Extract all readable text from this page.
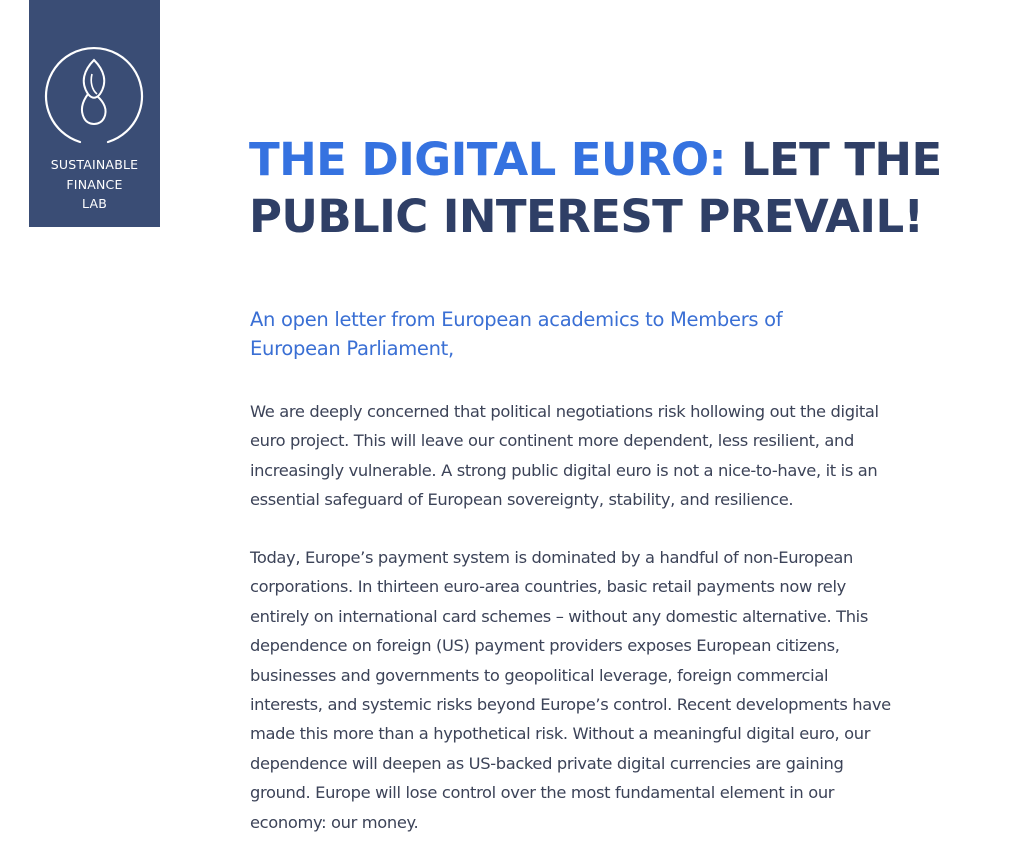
SUSTAINABLE
FINANCE
LAB
THE DIGITAL EURO: LET THE
PUBLIC INTEREST PREVAIL!
An open letter from European academics to Members of
European Parliament,
We are deeply concerned that political negotiations risk hollowing out the digital
euro project. This will leave our continent more dependent, less resilient, and
increasingly vulnerable. A strong public digital euro is not a nice-to-have, it is an
essential safeguard of European sovereignty, stability, and resilience.
Today, Europe’s payment system is dominated by a handful of non-European
corporations. In thirteen euro-area countries, basic retail payments now rely
entirely on international card schemes – without any domestic alternative. This
dependence on foreign (US) payment providers exposes European citizens,
businesses and governments to geopolitical leverage, foreign commercial
interests, and systemic risks beyond Europe’s control. Recent developments have
made this more than a hypothetical risk. Without a meaningful digital euro, our
dependence will deepen as US-backed private digital currencies are gaining
ground. Europe will lose control over the most fundamental element in our
economy: our money.
